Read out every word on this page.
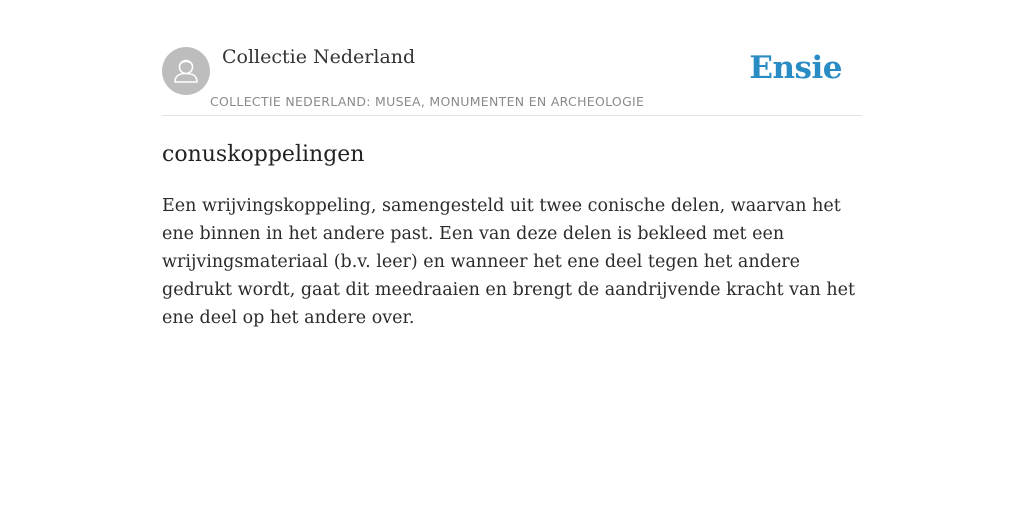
Collectie Nederland
COLLECTIE NEDERLAND: MUSEA, MONUMENTEN EN ARCHEOLOGIE
Ensie
conuskoppelingen
Een wrijvingskoppeling, samengesteld uit twee conische delen, waarvan het ene binnen in het andere past. Een van deze delen is bekleed met een wrijvingsmateriaal (b.v. leer) en wanneer het ene deel tegen het andere gedrukt wordt, gaat dit meedraaien en brengt de aandrijvende kracht van het ene deel op het andere over.
